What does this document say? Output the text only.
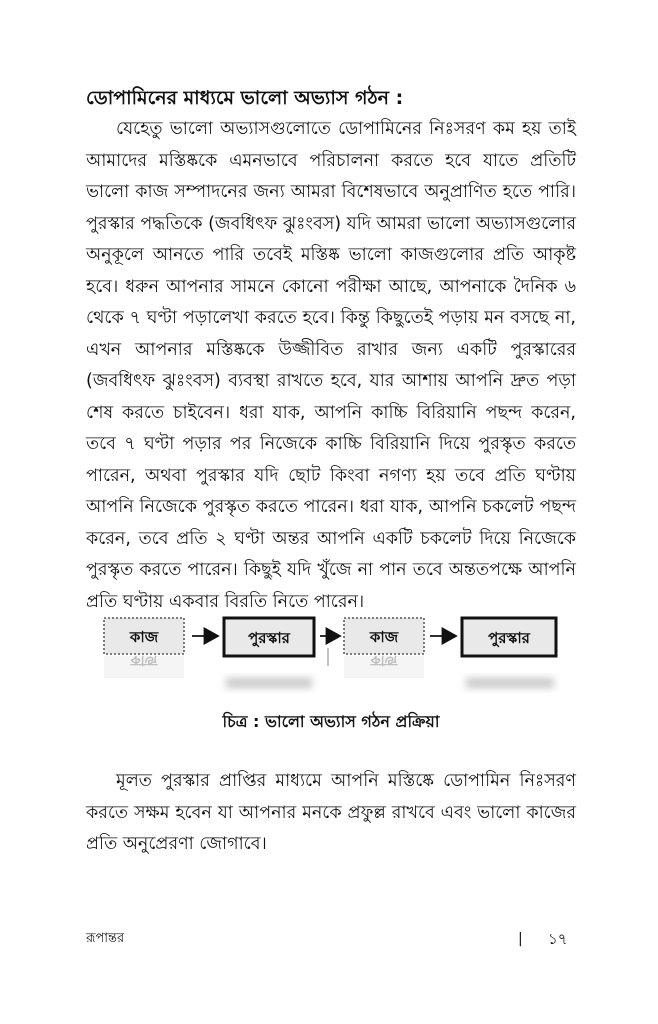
ডোপামিনের মাধ্যমে ভালো অভ্যাস গঠন :

যেহেতু ভালো অভ্যাসগুলোতে ডোপামিনের নিঃসরণ কম হয় তাই আমাদের মস্তিষ্ককে এমনভাবে পরিচালনা করতে হবে যাতে প্রতিটি ভালো কাজ সম্পাদনের জন্য আমরা বিশেষভাবে অনুপ্রাণিত হতে পারি। পুরস্কার পদ্ধতিকে (জবধিৎফ ঝুঃংবস) যদি আমরা ভালো অভ্যাসগুলোর অনুকূলে আনতে পারি তবেই মস্তিষ্ক ভালো কাজগুলোর প্রতি আকৃষ্ট হবে। ধরুন আপনার সামনে কোনো পরীক্ষা আছে, আপনাকে দৈনিক ৬ থেকে ৭ ঘণ্টা পড়ালেখা করতে হবে। কিন্তু কিছুতেই পড়ায় মন বসছে না, এখন আপনার মস্তিষ্ককে উজ্জীবিত রাখার জন্য একটি পুরস্কারের (জবধিৎফ ঝুঃংবস) ব্যবস্থা রাখতে হবে, যার আশায় আপনি দ্রুত পড়া শেষ করতে চাইবেন। ধরা যাক, আপনি কাচ্চি বিরিয়ানি পছন্দ করেন, তবে ৭ ঘণ্টা পড়ার পর নিজেকে কাচ্চি বিরিয়ানি দিয়ে পুরস্কৃত করতে পারেন, অথবা পুরস্কার যদি ছোট কিংবা নগণ্য হয় তবে প্রতি ঘণ্টায় আপনি নিজেকে পুরস্কৃত করতে পারেন। ধরা যাক, আপনি চকলেট পছন্দ করেন, তবে প্রতি ২ ঘণ্টা অন্তর আপনি একটি চকলেট দিয়ে নিজেকে পুরস্কৃত করতে পারেন। কিছুই যদি খুঁজে না পান তবে অন্ততপক্ষে আপনি প্রতি ঘণ্টায় একবার বিরতি নিতে পারেন।

কাজ
কাজ
পুরস্কার	কাজ
কাজ
পুরস্কার
চিত্র : ভালো অভ্যাস গঠন প্রক্রিয়া

মূলত পুরস্কার প্রাপ্তির মাধ্যমে আপনি মস্তিষ্কে ডোপামিন নিঃসরণ করতে সক্ষম হবেন যা আপনার মনকে প্রফুল্ল রাখবে এবং ভালো কাজের প্রতি অনুপ্রেরণা জোগাবে।

রূপান্তর	| ১৭
